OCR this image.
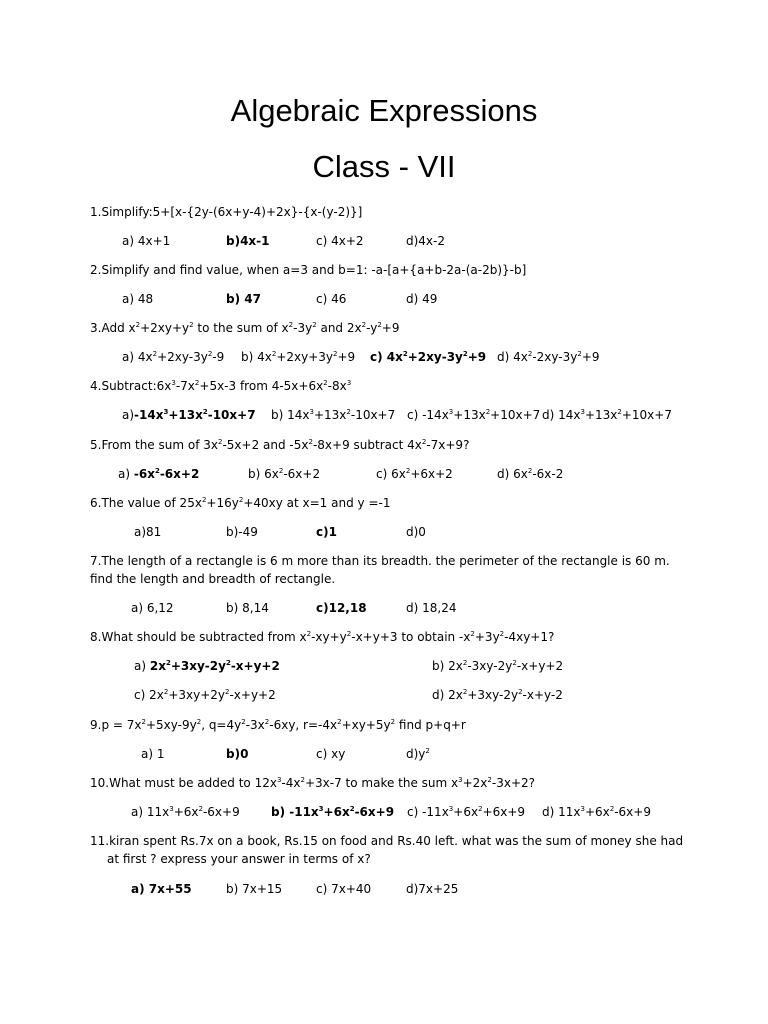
Algebraic Expressions
Class - VII

1.Simplify:5+[x-{2y-(6x+y-4)+2x}-{x-(y-2)}]

a) 4x+1	b)4x-1	c) 4x+2	d)4x-2

2.Simplify and find value, when a=3 and b=1: -a-[a+{a+b-2a-(a-2b)}-b]

a) 48	b) 47	c) 46	d) 49

3.Add $x^2+2xy+y^2$ to the sum of $x^2-3y^2$ and $2x^2-y^2+9$

a) $4x^2+2xy-3y^2-9$ b) $4x^2+2xy+3y^2+9$ c) $4x^2+2xy-3y^2+9$ d) $4x^2-2xy-3y^2+9$

$4.Subtract:6x^3-7x^2+5x-3$ from $4-5x+6x^2-8x^3$

$a)-14x^3+13x^2-10x+7$ b) $14x^3+13x^2-10x+7$ c) $-14x^3+13x^2+10x+7$ d) $14x^3+13x^2+10x+7$

5.From the sum of $3x^2-5x+2$ and $-5x^2-8x+9$ subtract $4x^2-7x+9$?

a) $-6x^2-6x+2$	b) $6x^2-6x+2$	c) $6x^2+6x+2$	d) $6x^2-6x-2$

6.The value of $25x^2+16y^2+40xy$ at x=1 and y =-1

a)81	b)-49	c)1	d)0

7.The length of a rectangle is 6 m more than its breadth. the perimeter of the rectangle is 60 m. find the length and breadth of rectangle.

a) 6,12	b) 8,14	c)12,18	d) 18,24

8.What should be subtracted from $x^2-xy+y^2-x+y+3$ to obtain $-x^2+3y^2-4xy+1$?

a) $2x^2+3xy-2y^2-x+y+2$	b) $2x^2-3xy-2y^2-x+y+2$
c) $2x^2+3xy+2y^2-x+y+2$	d) $2x^2+3xy-2y^2-x+y-2$

$9.p = 7x^2+5xy-9y^2$, $q=4y^2-3x^2-6xy$, $r=-4x^2+xy+5y^2$ find p+q+r

a) 1	b)0	c) xy	$d)y^2$

10.What must be added to $12x^3-4x^2+3x-7$ to make the sum $x^3+2x^2-3x+2$?

a) $11x^3+6x^2-6x+9$	b) $-11x^3+6x^2-6x+9$ c) $-11x^3+6x^2+6x+9$ d) $11x^3+6x^2-6x+9$

11.kiran spent Rs.7x on a book, Rs.15 on food and Rs.40 left. what was the sum of money she had at first ? express your answer in terms of x?

a) 7x+55	b) 7x+15	c) 7x+40	d)7x+25
